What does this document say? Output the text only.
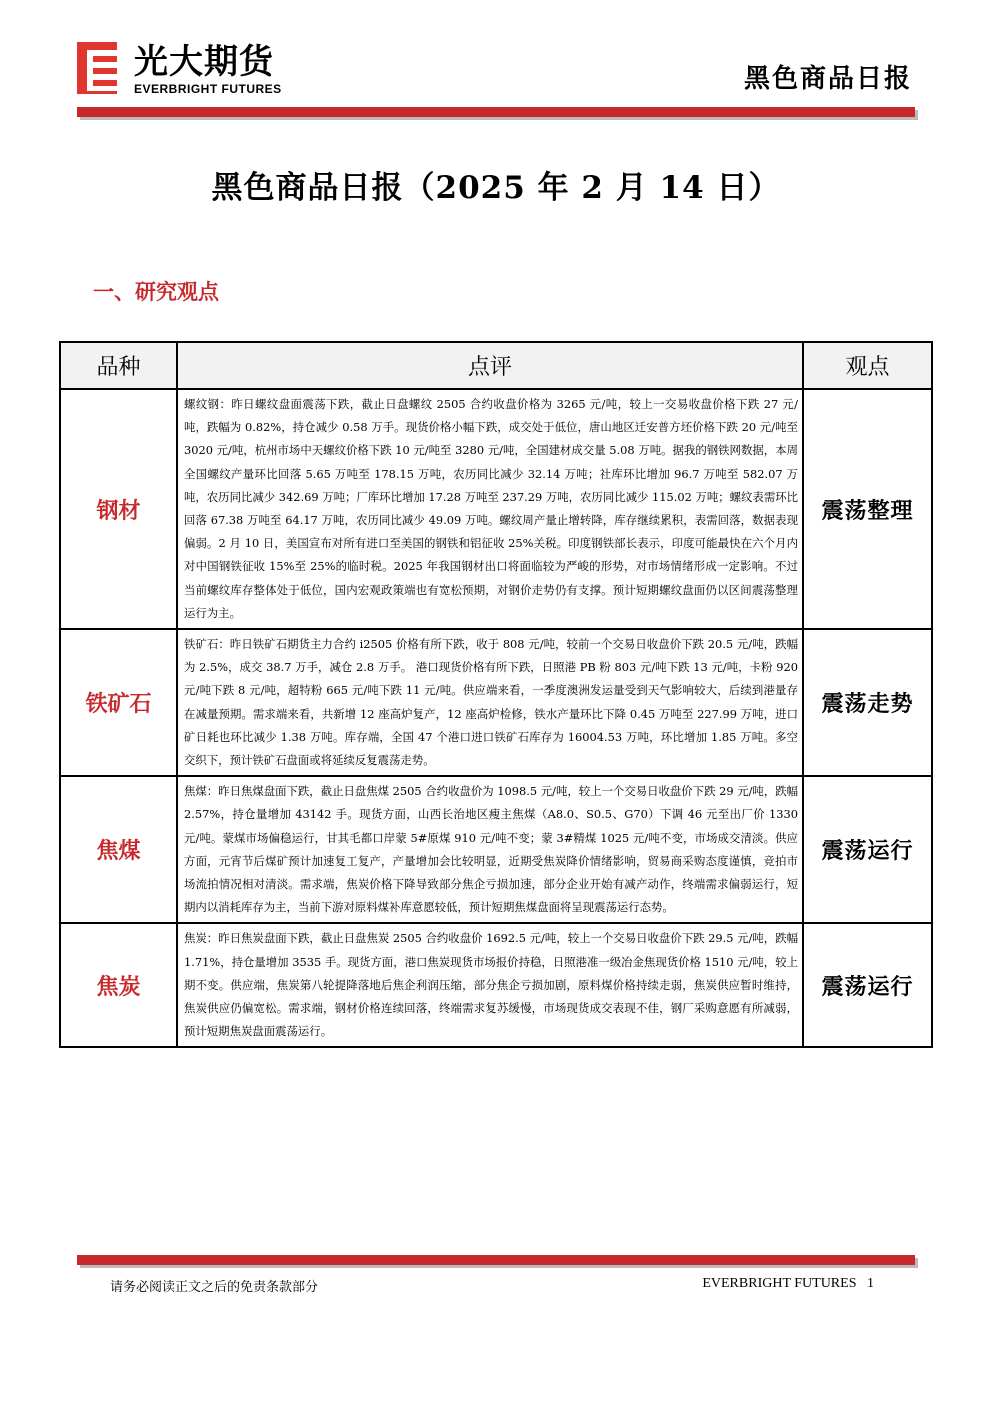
光大期货
EVERBRIGHT FUTURES	黑色商品日报
黑色商品日报（2025 年 2 月 14 日）
一、研究观点
品种	点评	观点
钢材	螺纹钢：昨日螺纹盘面震荡下跌，截止日盘螺纹 2505 合约收盘价格为 3265 元/吨，较上一交易收盘价格下跌 27 元/吨，跌幅为 0.82%，持仓减少 0.58 万手。现货价格小幅下跌，成交处于低位，唐山地区迁安普方坯价格下跌 20 元/吨至 3020 元/吨，杭州市场中天螺纹价格下跌 10 元/吨至 3280 元/吨，全国建材成交量 5.08 万吨。据我的钢铁网数据，本周全国螺纹产量环比回落 5.65 万吨至 178.15 万吨，农历同比减少 32.14 万吨；社库环比增加 96.7 万吨至 582.07 万吨，农历同比减少 342.69 万吨；厂库环比增加 17.28 万吨至 237.29 万吨，农历同比减少 115.02 万吨；螺纹表需环比回落 67.38 万吨至 64.17 万吨，农历同比减少 49.09 万吨。螺纹周产量止增转降，库存继续累积，表需回落，数据表现偏弱。2 月 10 日，美国宣布对所有进口至美国的钢铁和铝征收 25%关税。印度钢铁部长表示，印度可能最快在六个月内对中国钢铁征收 15%至 25%的临时税。2025 年我国钢材出口将面临较为严峻的形势，对市场情绪形成一定影响。不过当前螺纹库存整体处于低位，国内宏观政策端也有宽松预期，对钢价走势仍有支撑。预计短期螺纹盘面仍以区间震荡整理运行为主。	震荡整理
铁矿石	铁矿石：昨日铁矿石期货主力合约 i2505 价格有所下跌，收于 808 元/吨，较前一个交易日收盘价下跌 20.5 元/吨，跌幅为 2.5%，成交 38.7 万手，减仓 2.8 万手。 港口现货价格有所下跌，日照港 PB 粉 803 元/吨下跌 13 元/吨，卡粉 920 元/吨下跌 8 元/吨，超特粉 665 元/吨下跌 11 元/吨。供应端来看，一季度澳洲发运量受到天气影响较大，后续到港量存在减量预期。需求端来看，共新增 12 座高炉复产，12 座高炉检修，铁水产量环比下降 0.45 万吨至 227.99 万吨，进口矿日耗也环比减少 1.38 万吨。库存端，全国 47 个港口进口铁矿石库存为 16004.53 万吨，环比增加 1.85 万吨。多空交织下，预计铁矿石盘面或将延续反复震荡走势。	震荡走势
焦煤	焦煤：昨日焦煤盘面下跌，截止日盘焦煤 2505 合约收盘价为 1098.5 元/吨，较上一个交易日收盘价下跌 29 元/吨，跌幅 2.57%，持仓量增加 43142 手。现货方面，山西长治地区瘦主焦煤（A8.0、S0.5、G70）下调 46 元至出厂价 1330 元/吨。蒙煤市场偏稳运行，甘其毛都口岸蒙 5#原煤 910 元/吨不变；蒙 3#精煤 1025 元/吨不变，市场成交清淡。供应方面，元宵节后煤矿预计加速复工复产，产量增加会比较明显，近期受焦炭降价情绪影响，贸易商采购态度谨慎，竞拍市场流拍情况相对清淡。需求端，焦炭价格下降导致部分焦企亏损加速，部分企业开始有减产动作，终端需求偏弱运行，短期内以消耗库存为主，当前下游对原料煤补库意愿较低，预计短期焦煤盘面将呈现震荡运行态势。	震荡运行
焦炭	焦炭：昨日焦炭盘面下跌，截止日盘焦炭 2505 合约收盘价 1692.5 元/吨，较上一个交易日收盘价下跌 29.5 元/吨，跌幅 1.71%，持仓量增加 3535 手。现货方面，港口焦炭现货市场报价持稳，日照港准一级冶金焦现货价格 1510 元/吨，较上期不变。供应端，焦炭第八轮提降落地后焦企利润压缩，部分焦企亏损加剧，原料煤价格持续走弱，焦炭供应暂时维持，焦炭供应仍偏宽松。需求端，钢材价格连续回落，终端需求复苏缓慢，市场现货成交表现不佳，钢厂采购意愿有所减弱，预计短期焦炭盘面震荡运行。	震荡运行
请务必阅读正文之后的免责条款部分	EVERBRIGHT FUTURES 1
